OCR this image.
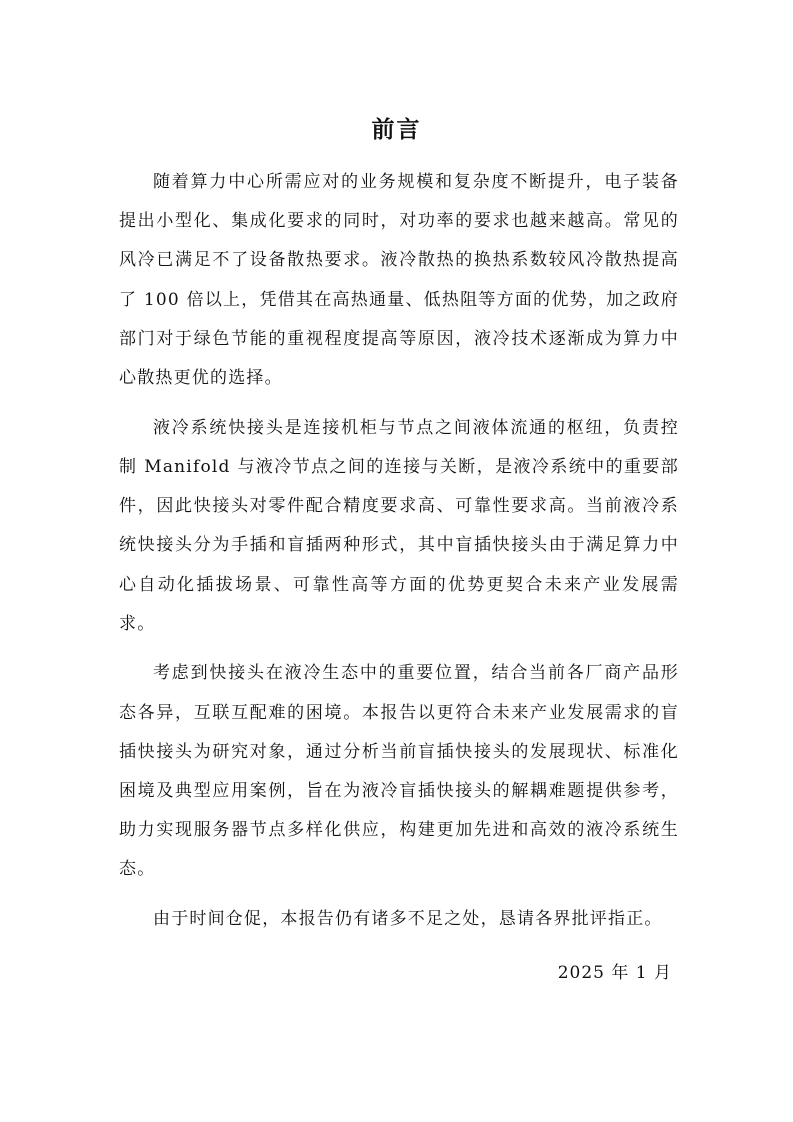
前言

随着算力中心所需应对的业务规模和复杂度不断提升，电子装备提出小型化、集成化要求的同时，对功率的要求也越来越高。常见的风冷已满足不了设备散热要求。液冷散热的换热系数较风冷散热提高了 100 倍以上，凭借其在高热通量、低热阻等方面的优势，加之政府部门对于绿色节能的重视程度提高等原因，液冷技术逐渐成为算力中心散热更优的选择。

液冷系统快接头是连接机柜与节点之间液体流通的枢纽，负责控制 Manifold 与液冷节点之间的连接与关断，是液冷系统中的重要部件，因此快接头对零件配合精度要求高、可靠性要求高。当前液冷系统快接头分为手插和盲插两种形式，其中盲插快接头由于满足算力中心自动化插拔场景、可靠性高等方面的优势更契合未来产业发展需求。

考虑到快接头在液冷生态中的重要位置，结合当前各厂商产品形态各异，互联互配难的困境。本报告以更符合未来产业发展需求的盲插快接头为研究对象，通过分析当前盲插快接头的发展现状、标准化困境及典型应用案例，旨在为液冷盲插快接头的解耦难题提供参考，助力实现服务器节点多样化供应，构建更加先进和高效的液冷系统生态。

由于时间仓促，本报告仍有诸多不足之处，恳请各界批评指正。

2025 年 1 月
